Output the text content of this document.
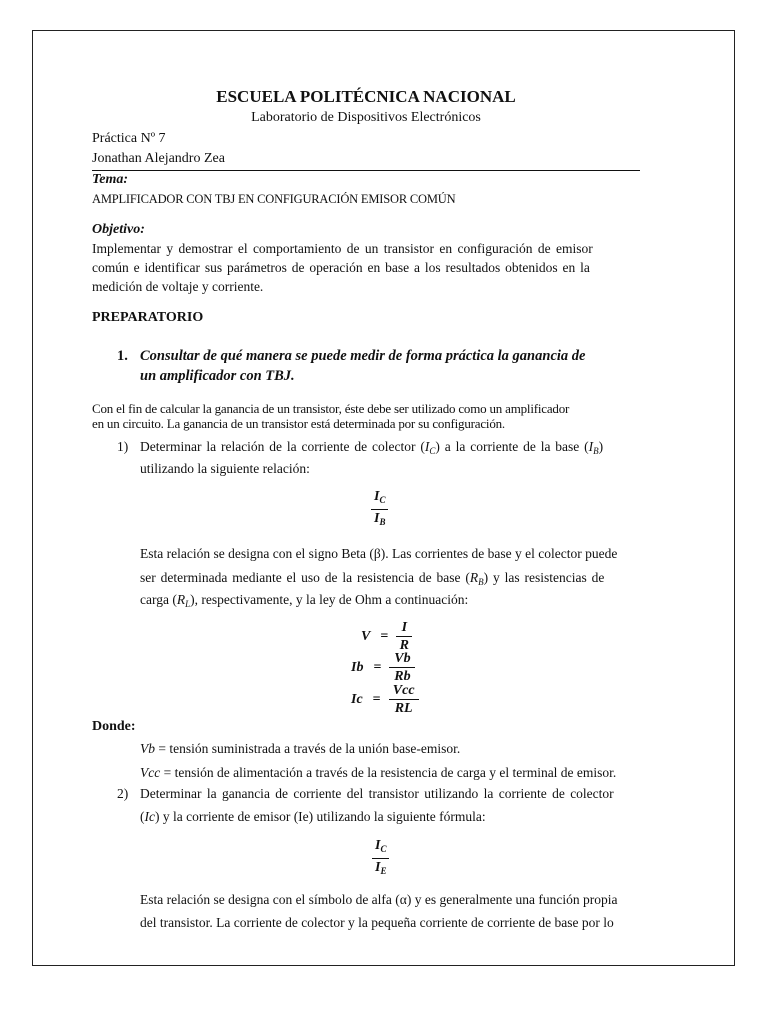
ESCUELA POLITÉCNICA NACIONAL
Laboratorio de Dispositivos Electrónicos
Práctica Nº 7
Jonathan Alejandro Zea
Tema:
AMPLIFICADOR CON TBJ EN CONFIGURACIÓN EMISOR COMÚN
Objetivo:
Implementar y demostrar el comportamiento de un transistor en configuración de emisor
común e identificar sus parámetros de operación en base a los resultados obtenidos en la
medición de voltaje y corriente.
PREPARATORIO
1. Consultar de qué manera se puede medir de forma práctica la ganancia de
un amplificador con TBJ.
Con el fin de calcular la ganancia de un transistor, éste debe ser utilizado como un amplificador
en un circuito. La ganancia de un transistor está determinada por su configuración.
1) Determinar la relación de la corriente de colector $(I_C)$ a la corriente de la base $(I_B)$
utilizando la siguiente relación:
$I_C$
$I_B$
Esta relación se designa con el signo Beta (β). Las corrientes de base y el colector puede
ser determinada mediante el uso de la resistencia de base $(R_B)$ y las resistencias de
carga $(R_L)$, respectivamente, y la ley de Ohm a continuación:
V =
I
R
Ib =
Vb
Rb
Ic =
Vcc
RL
Donde:
Vb = tensión suministrada a través de la unión base-emisor.
Vcc = tensión de alimentación a través de la resistencia de carga y el terminal de emisor.
2) Determinar la ganancia de corriente del transistor utilizando la corriente de colector
(Ic) y la corriente de emisor (Ie) utilizando la siguiente fórmula:
$I_C$
$I_E$
Esta relación se designa con el símbolo de alfa (α) y es generalmente una función propia
del transistor. La corriente de colector y la pequeña corriente de corriente de base por lo
